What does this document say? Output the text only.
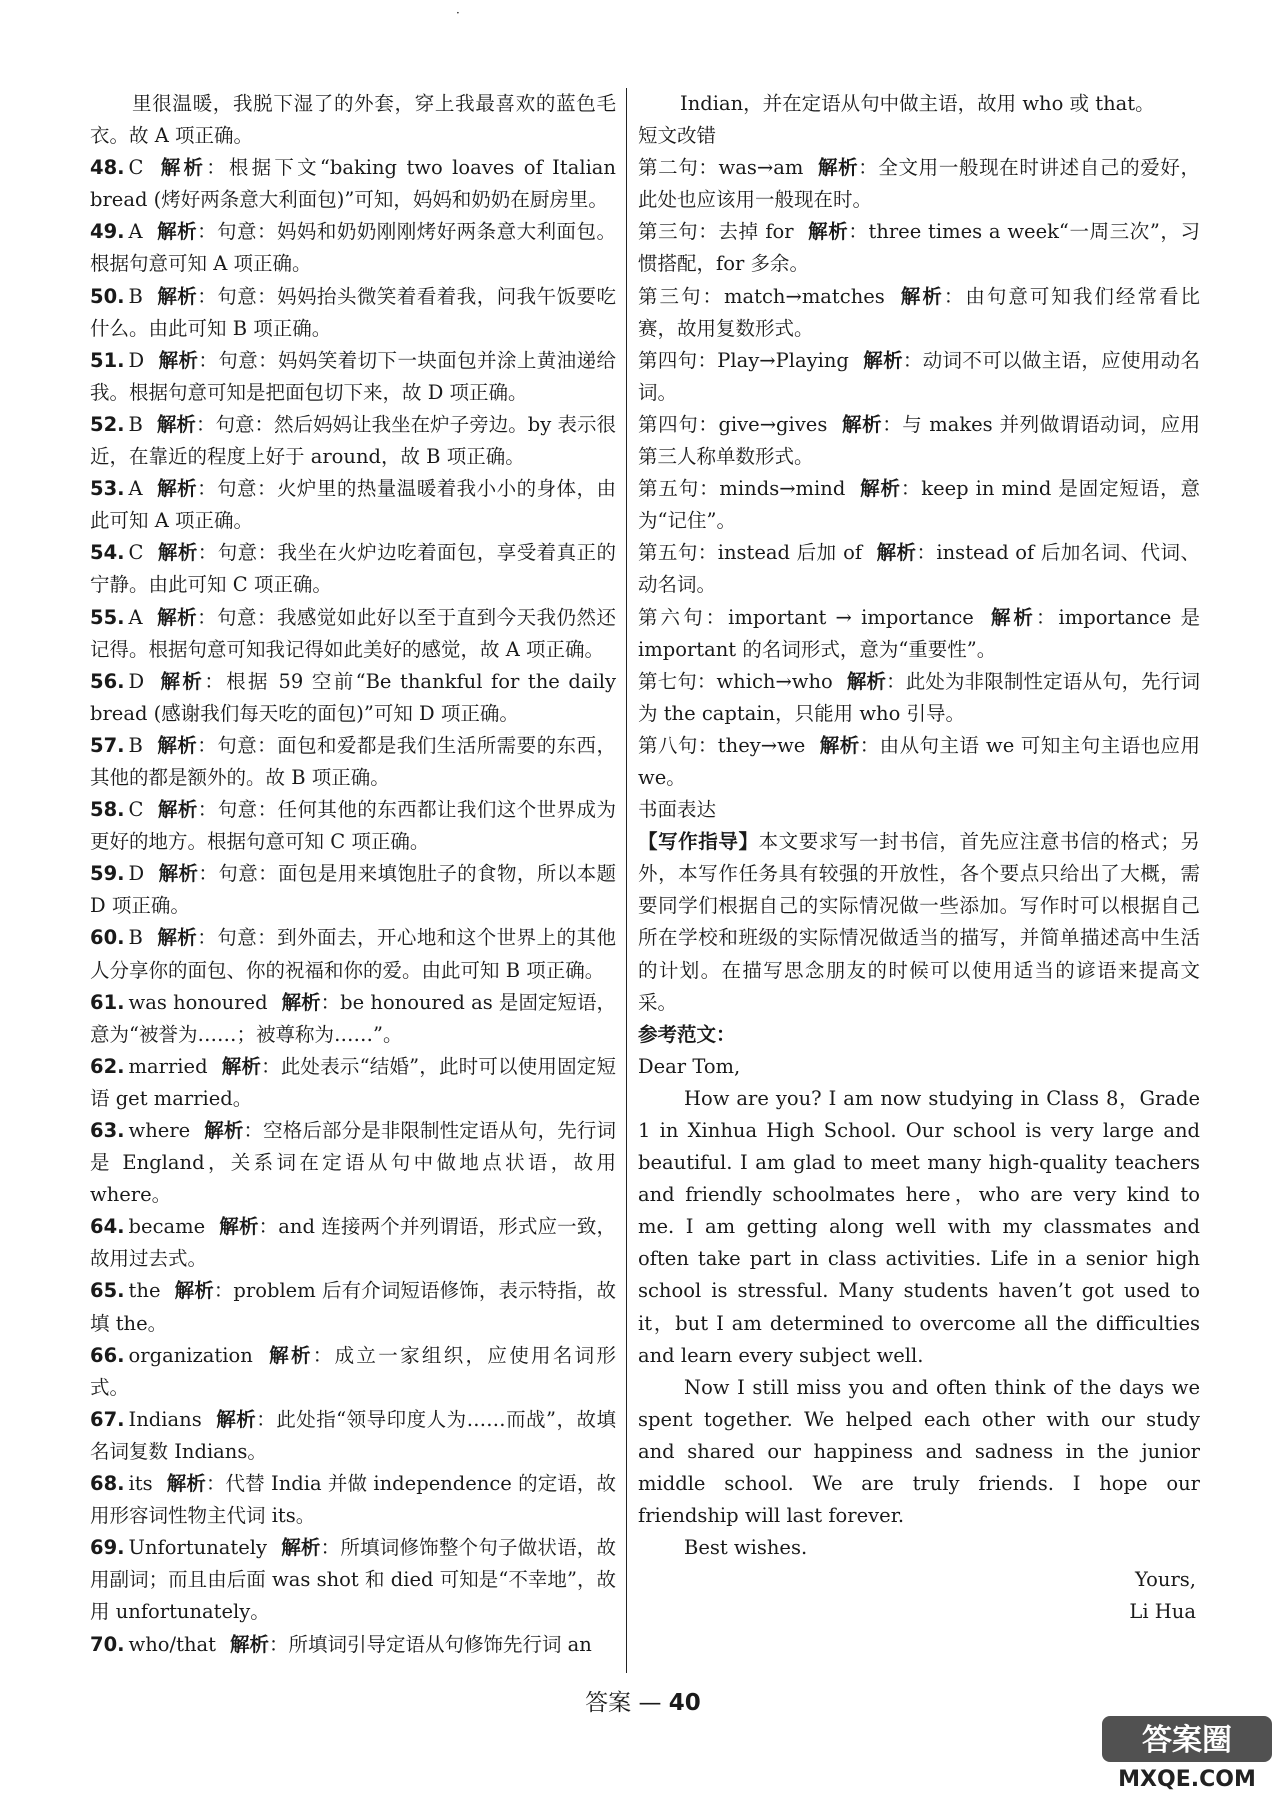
·

里很温暖，我脱下湿了的外套，穿上我最喜欢的蓝色毛衣。故 A 项正确。

48. C 解析：根据下文“baking two loaves of Italian bread (烤好两条意大利面包)”可知，妈妈和奶奶在厨房里。

49. A 解析：句意：妈妈和奶奶刚刚烤好两条意大利面包。根据句意可知 A 项正确。

50. B 解析：句意：妈妈抬头微笑着看着我，问我午饭要吃什么。由此可知 B 项正确。

51. D 解析：句意：妈妈笑着切下一块面包并涂上黄油递给我。根据句意可知是把面包切下来，故 D 项正确。

52. B 解析：句意：然后妈妈让我坐在炉子旁边。by 表示很近，在靠近的程度上好于 around，故 B 项正确。

53. A 解析：句意：火炉里的热量温暖着我小小的身体，由此可知 A 项正确。

54. C 解析：句意：我坐在火炉边吃着面包，享受着真正的宁静。由此可知 C 项正确。

55. A 解析：句意：我感觉如此好以至于直到今天我仍然还记得。根据句意可知我记得如此美好的感觉，故 A 项正确。

56. D 解析：根据 59 空前“Be thankful for the daily bread (感谢我们每天吃的面包)”可知 D 项正确。

57. B 解析：句意：面包和爱都是我们生活所需要的东西，其他的都是额外的。故 B 项正确。

58. C 解析：句意：任何其他的东西都让我们这个世界成为更好的地方。根据句意可知 C 项正确。

59. D 解析：句意：面包是用来填饱肚子的食物，所以本题 D 项正确。

60. B 解析：句意：到外面去，开心地和这个世界上的其他人分享你的面包、你的祝福和你的爱。由此可知 B 项正确。

61. was honoured 解析：be honoured as 是固定短语，意为“被誉为……；被尊称为……”。

62. married 解析：此处表示“结婚”，此时可以使用固定短语 get married。

63. where 解析：空格后部分是非限制性定语从句，先行词是 England，关系词在定语从句中做地点状语，故用 where。

64. became 解析：and 连接两个并列谓语，形式应一致，故用过去式。

65. the 解析：problem 后有介词短语修饰，表示特指，故填 the。

66. organization 解析：成立一家组织，应使用名词形式。

67. Indians 解析：此处指“领导印度人为……而战”，故填名词复数 Indians。

68. its 解析：代替 India 并做 independence 的定语，故用形容词性物主代词 its。

69. Unfortunately 解析：所填词修饰整个句子做状语，故用副词；而且由后面 was shot 和 died 可知是“不幸地”，故用 unfortunately。

70. who/that 解析：所填词引导定语从句修饰先行词 an

Indian，并在定语从句中做主语，故用 who 或 that。

短文改错

第二句：was→am 解析：全文用一般现在时讲述自己的爱好，此处也应该用一般现在时。

第三句：去掉 for 解析：three times a week“一周三次”，习惯搭配，for 多余。

第三句：match→matches 解析：由句意可知我们经常看比赛，故用复数形式。

第四句：Play→Playing 解析：动词不可以做主语，应使用动名词。

第四句：give→gives 解析：与 makes 并列做谓语动词，应用第三人称单数形式。

第五句：minds→mind 解析：keep in mind 是固定短语，意为“记住”。

第五句：instead 后加 of 解析：instead of 后加名词、代词、动名词。

第六句：important → importance 解析：importance 是 important 的名词形式，意为“重要性”。

第七句：which→who 解析：此处为非限制性定语从句，先行词为 the captain，只能用 who 引导。

第八句：they→we 解析：由从句主语 we 可知主句主语也应用 we。

书面表达

【写作指导】本文要求写一封书信，首先应注意书信的格式；另外，本写作任务具有较强的开放性，各个要点只给出了大概，需要同学们根据自己的实际情况做一些添加。写作时可以根据自己所在学校和班级的实际情况做适当的描写，并简单描述高中生活的计划。在描写思念朋友的时候可以使用适当的谚语来提高文采。

参考范文：

Dear Tom,

How are you? I am now studying in Class 8，Grade 1 in Xinhua High School. Our school is very large and beautiful. I am glad to meet many high-quality teachers and friendly schoolmates here，who are very kind to me. I am getting along well with my classmates and often take part in class activities. Life in a senior high school is stressful. Many students haven’t got used to it，but I am determined to overcome all the difficulties and learn every subject well.

Now I still miss you and often think of the days we spent together. We helped each other with our study and shared our happiness and sadness in the junior middle school. We are truly friends. I hope our friendship will last forever.

Best wishes.

Yours,

Li Hua

答案 — 40
答案圈
MXQE.COM
